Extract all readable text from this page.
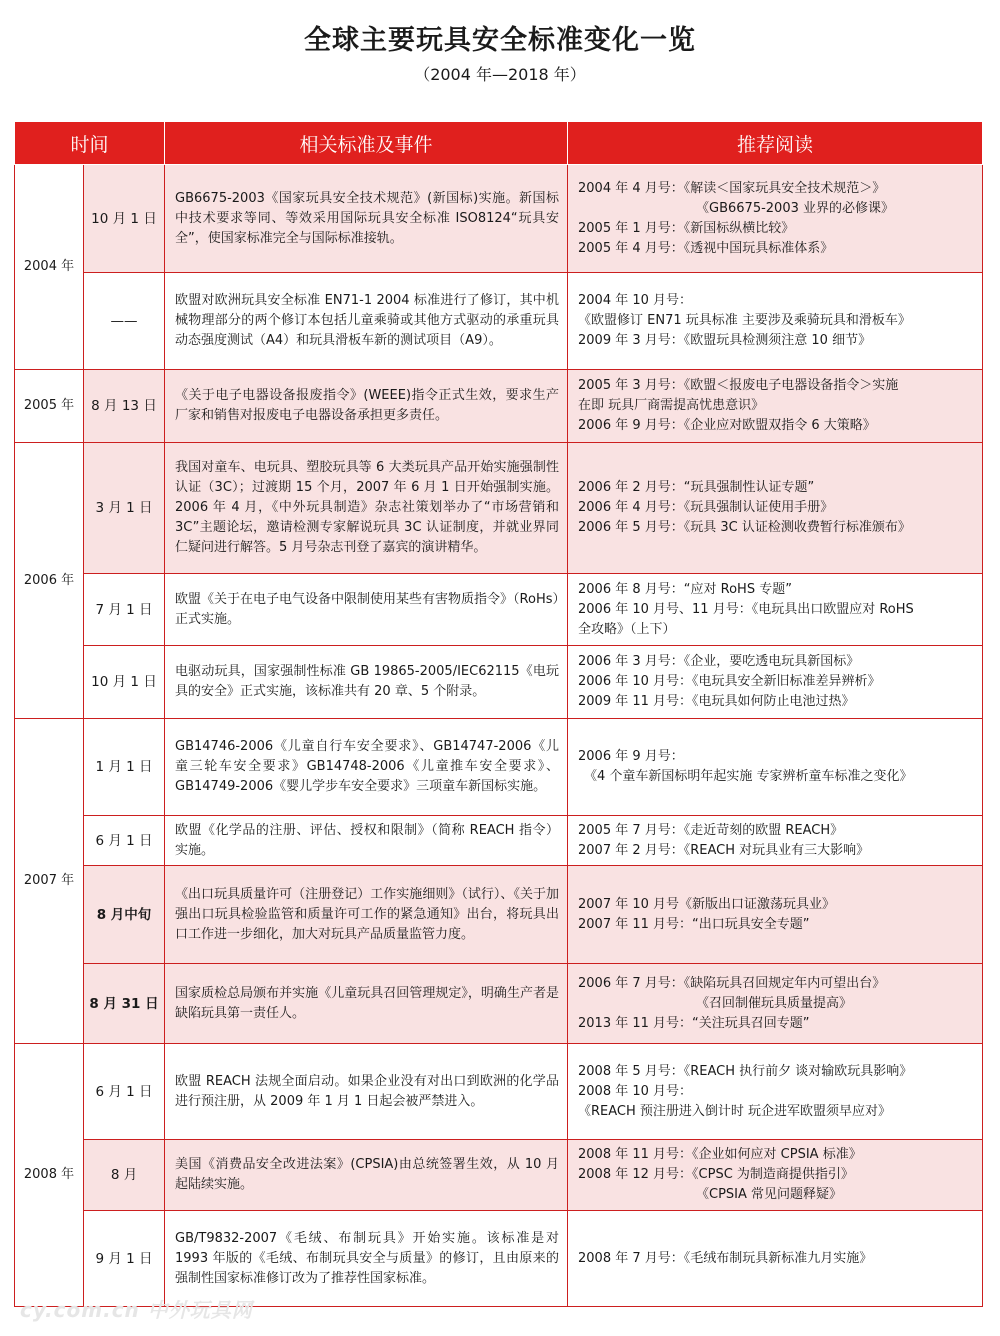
全球主要玩具安全标准变化一览
（2004 年—2018 年）
时间		相关标准及事件	推荐阅读
2004 年	10 月 1 日	GB6675-2003《国家玩具安全技术规范》(新国标)实施。新国标中技术要求等同、等效采用国际玩具安全标准 ISO8124“玩具安全”，使国家标准完全与国际标准接轨。	2004 年 4 月号：《解读＜国家玩具安全技术规范＞》
《GB6675-2003 业界的必修课》
2005 年 1 月号：《新国标纵横比较》
2005 年 4 月号：《透视中国玩具标准体系》

	——	欧盟对欧洲玩具安全标准 EN71-1 2004 标准进行了修订，其中机械物理部分的两个修订本包括儿童乘骑或其他方式驱动的承重玩具动态强度测试（A4）和玩具滑板车新的测试项目（A9）。	2004 年 10 月号：
《欧盟修订 EN71 玩具标准 主要涉及乘骑玩具和滑板车》
2009 年 3 月号：《欧盟玩具检测须注意 10 细节》

2005 年	8 月 13 日	《关于电子电器设备报废指令》(WEEE)指令正式生效，要求生产厂家和销售对报废电子电器设备承担更多责任。	2005 年 3 月号：《欧盟＜报废电子电器设备指令＞实施
在即 玩具厂商需提高忧患意识》
2006 年 9 月号：《企业应对欧盟双指令 6 大策略》

2006 年	3 月 1 日	我国对童车、电玩具、塑胶玩具等 6 大类玩具产品开始实施强制性认证（3C）；过渡期 15 个月，2007 年 6 月 1 日开始强制实施。2006 年 4 月，《中外玩具制造》杂志社策划举办了“市场营销和 3C”主题论坛，邀请检测专家解说玩具 3C 认证制度，并就业界同仁疑问进行解答。5 月号杂志刊登了嘉宾的演讲精华。	2006 年 2 月号：“玩具强制性认证专题”
2006 年 4 月号：《玩具强制认证使用手册》
2006 年 5 月号：《玩具 3C 认证检测收费暂行标准颁布》

	7 月 1 日	欧盟《关于在电子电气设备中限制使用某些有害物质指令》（RoHs）正式实施。	2006 年 8 月号：“应对 RoHS 专题”
2006 年 10 月号、11 月号：《电玩具出口欧盟应对 RoHS
全攻略》（上下）

	10 月 1 日	电驱动玩具，国家强制性标准 GB 19865-2005/IEC62115《电玩具的安全》正式实施，该标准共有 20 章、5 个附录。	2006 年 3 月号：《企业，要吃透电玩具新国标》
2006 年 10 月号：《电玩具安全新旧标准差异辨析》
2009 年 11 月号：《电玩具如何防止电池过热》

2007 年	1 月 1 日	GB14746-2006《儿童自行车安全要求》、GB14747-2006《儿童三轮车安全要求》GB14748-2006《儿童推车安全要求》、GB14749-2006《婴儿学步车安全要求》三项童车新国标实施。	2006 年 9 月号：
《4 个童车新国标明年起实施 专家辨析童车标准之变化》

	6 月 1 日	欧盟《化学品的注册、评估、授权和限制》（简称 REACH 指令）实施。	2005 年 7 月号：《走近苛刻的欧盟 REACH》
2007 年 2 月号：《REACH 对玩具业有三大影响》

	8 月中旬	《出口玩具质量许可（注册登记）工作实施细则》（试行）、《关于加强出口玩具检验监管和质量许可工作的紧急通知》出台，将玩具出口工作进一步细化，加大对玩具产品质量监管力度。	2007 年 10 月号《新版出口证激荡玩具业》
2007 年 11 月号：“出口玩具安全专题”

	8 月 31 日	国家质检总局颁布并实施《儿童玩具召回管理规定》，明确生产者是缺陷玩具第一责任人。	2006 年 7 月号：《缺陷玩具召回规定年内可望出台》
《召回制催玩具质量提高》
2013 年 11 月号：“关注玩具召回专题”

2008 年	6 月 1 日	欧盟 REACH 法规全面启动。如果企业没有对出口到欧洲的化学品进行预注册，从 2009 年 1 月 1 日起会被严禁进入。	2008 年 5 月号：《REACH 执行前夕 谈对输欧玩具影响》
2008 年 10 月号：
《REACH 预注册进入倒计时 玩企进军欧盟须早应对》

	8 月	美国《消费品安全改进法案》(CPSIA)由总统签署生效，从 10 月起陆续实施。	2008 年 11 月号：《企业如何应对 CPSIA 标准》
2008 年 12 月号：《CPSC 为制造商提供指引》
《CPSIA 常见问题释疑》

	9 月 1 日	GB/T9832-2007《毛绒、布制玩具》开始实施。该标准是对 1993 年版的《毛绒、布制玩具安全与质量》的修订，且由原来的强制性国家标准修订改为了推荐性国家标准。	2008 年 7 月号：《毛绒布制玩具新标准九月实施》
cy.com.cn 中外玩具网
